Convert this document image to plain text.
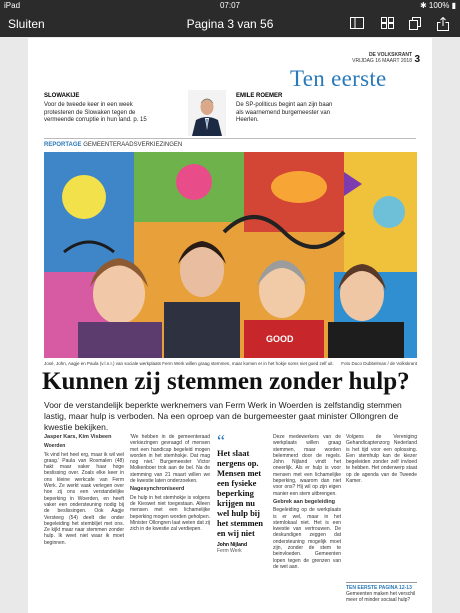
iPad	07:07	✱ 100% ▮
Sluiten	Pagina 3 van 56
DE VOLKSKRANT
VRIJDAG 16 MAART 2018 3
Ten eerste
SLOWAKIJE
Voor de tweede keer in een week protesteren de Slowaken tegen de vermeende corruptie in hun land. p. 15
EMILE ROEMER
De SP-politicus begint aan zijn baan als waarnemend burgemeester van Heerlen.
REPORTAGE GEMEENTERAADSVERKIEZINGEN
GOOD
José, John, Aagje en Paula (v.l.n.r.) van sociale werkplaats Ferm Werk willen graag stemmen, maar komen er in het hokje soms niet goed zelf uit. Foto Duco Dubbelman / de Volkskrant
Kunnen zij stemmen zonder hulp?
Voor de verstandelijk beperkte werknemers van Ferm Werk in Woerden is zelfstandig stemmen lastig, maar hulp is verboden. Na een oproep van de burgemeester gaat minister Ollongren de kwestie bekijken.

Jasper Kars, Kim Visbeen

Woerden

'Ik vind het heel erg, maar ik wil wel graag.' Paula van Rosmalen (48) hakt maar vaker haar hoge beslissing over. Zoals elke keer in ons kleine werkcafe van Ferm Werk. Ze werkt vaak verlegen over hoe zij ons een verstandelijke beperking in Woerden, en heeft vaker een ondersteuning nodig bij de beslissingen. Ook Aagje Versteeg (54) deelt die onder begeleiding het stembiljet met ons. Ze kijkt maar naar stemmen zonder hulp. Ik weet niet waar ik moet beginnen.

'We hebben in de gemeenteraad verkiezingen gevraagd of mensen met een handicap begeleid mogen worden in het stemhokje. Dat mag nog niet.' Burgemeester Victor Molkenboer trok aan de bel. Na de stemming van 21 maart willen we de kwestie laten onderzoeken.

Nagesynchroniseerd

De hulp in het stemhokje is volgens de Kieswet niet toegestaan. Alleen mensen met een lichamelijke beperking mogen worden geholpen. Minister Ollongren laat weten dat zij zich in de kwestie zal verdiepen.

“
Het slaat nergens op. Mensen met een fysieke beperking krijgen nu wel hulp bij het stemmen en wij niet
John Nijland
Ferm Werk

Deze medewerkers van de werkplaats willen graag stemmen, maar worden belemmerd door de regels. John Nijland vindt het oneerlijk. Als er hulp is voor mensen met een lichamelijke beperking, waarom dan niet voor ons? Hij wil op zijn eigen manier een stem uitbrengen.

Gebrek aan begeleiding

Begeleiding op de werkplaats is er wel, maar in het stemlokaal niet. Het is een kwestie van vertrouwen. De deskundigen zeggen dat ondersteuning mogelijk moet zijn, zonder de stem te beinvloeden. Gemeenten lopen tegen de grenzen van de wet aan.

Volgens de Vereniging Gehandicaptenzorg Nederland is het tijd voor een oplossing. Een stemhulp kan de kiezer begeleiden zonder zelf invloed te hebben. Het onderwerp staat op de agenda van de Tweede Kamer.

TEN EERSTE PAGINA 12-13
Gemeenten maken het verschil meer of minder sociaal hulp?
